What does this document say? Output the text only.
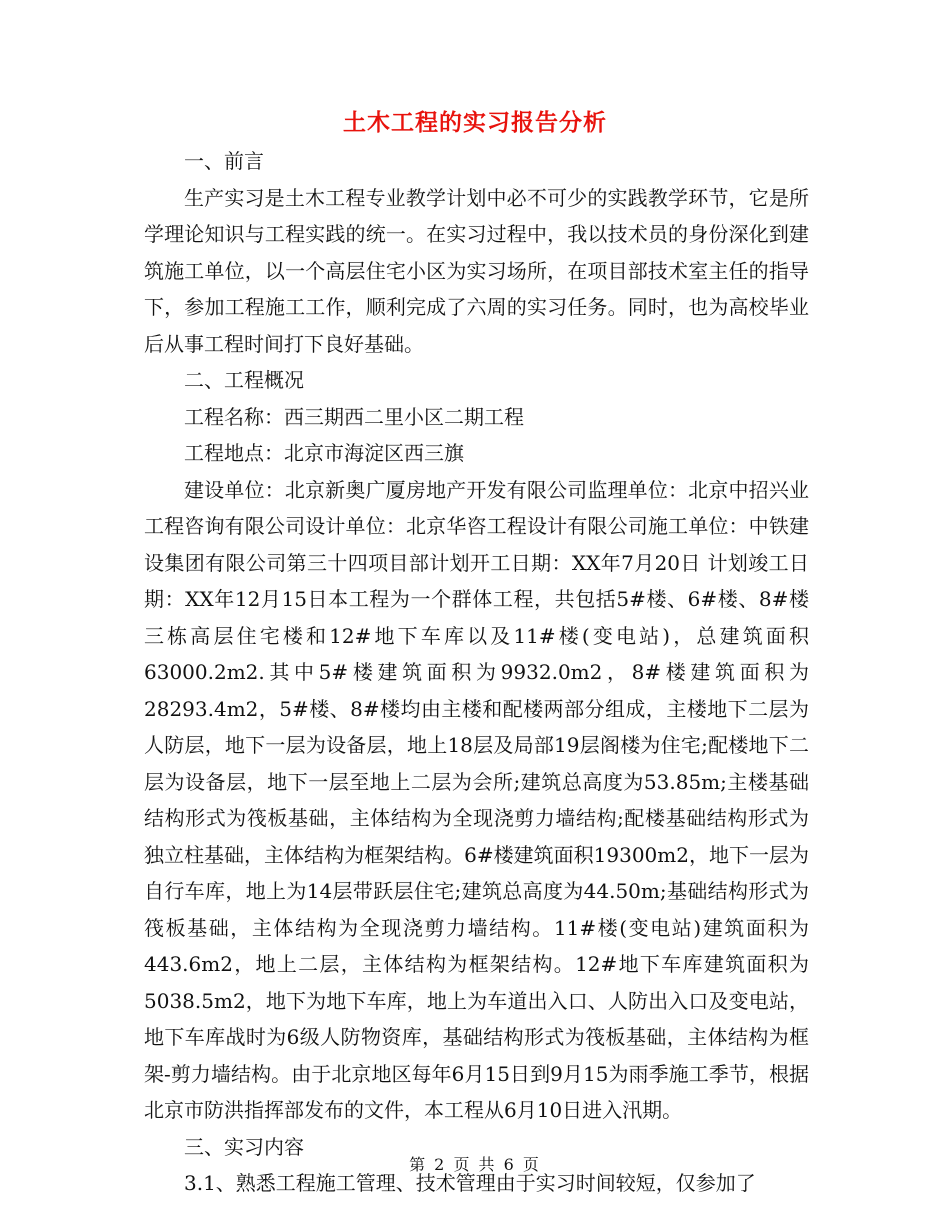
土木工程的实习报告分析

一、前言

生产实习是土木工程专业教学计划中必不可少的实践教学环节，它是所学理论知识与工程实践的统一。在实习过程中，我以技术员的身份深化到建筑施工单位，以一个高层住宅小区为实习场所，在项目部技术室主任的指导下，参加工程施工工作，顺利完成了六周的实习任务。同时，也为高校毕业后从事工程时间打下良好基础。

二、工程概况

工程名称：西三期西二里小区二期工程

工程地点：北京市海淀区西三旗

建设单位：北京新奥广厦房地产开发有限公司监理单位：北京中招兴业工程咨询有限公司设计单位：北京华咨工程设计有限公司施工单位：中铁建设集团有限公司第三十四项目部计划开工日期：XX年7月20日 计划竣工日期：XX年12月15日本工程为一个群体工程，共包括5#楼、6#楼、8#楼三栋高层住宅楼和12#地下车库以及11#楼(变电站)，总建筑面积63000.2m2.其中5#楼建筑面积为9932.0m2，8#楼建筑面积为28293.4m2，5#楼、8#楼均由主楼和配楼两部分组成，主楼地下二层为人防层，地下一层为设备层，地上18层及局部19层阁楼为住宅;配楼地下二层为设备层，地下一层至地上二层为会所;建筑总高度为53.85m;主楼基础结构形式为筏板基础，主体结构为全现浇剪力墙结构;配楼基础结构形式为独立柱基础，主体结构为框架结构。6#楼建筑面积19300m2，地下一层为自行车库，地上为14层带跃层住宅;建筑总高度为44.50m;基础结构形式为筏板基础，主体结构为全现浇剪力墙结构。11#楼(变电站)建筑面积为443.6m2，地上二层，主体结构为框架结构。12#地下车库建筑面积为5038.5m2，地下为地下车库，地上为车道出入口、人防出入口及变电站，地下车库战时为6级人防物资库，基础结构形式为筏板基础，主体结构为框架-剪力墙结构。由于北京地区每年6月15日到9月15为雨季施工季节，根据北京市防洪指挥部发布的文件，本工程从6月10日进入汛期。

三、实习内容

3.1、熟悉工程施工管理、技术管理由于实习时间较短，仅参加了

第 2 页 共 6 页
